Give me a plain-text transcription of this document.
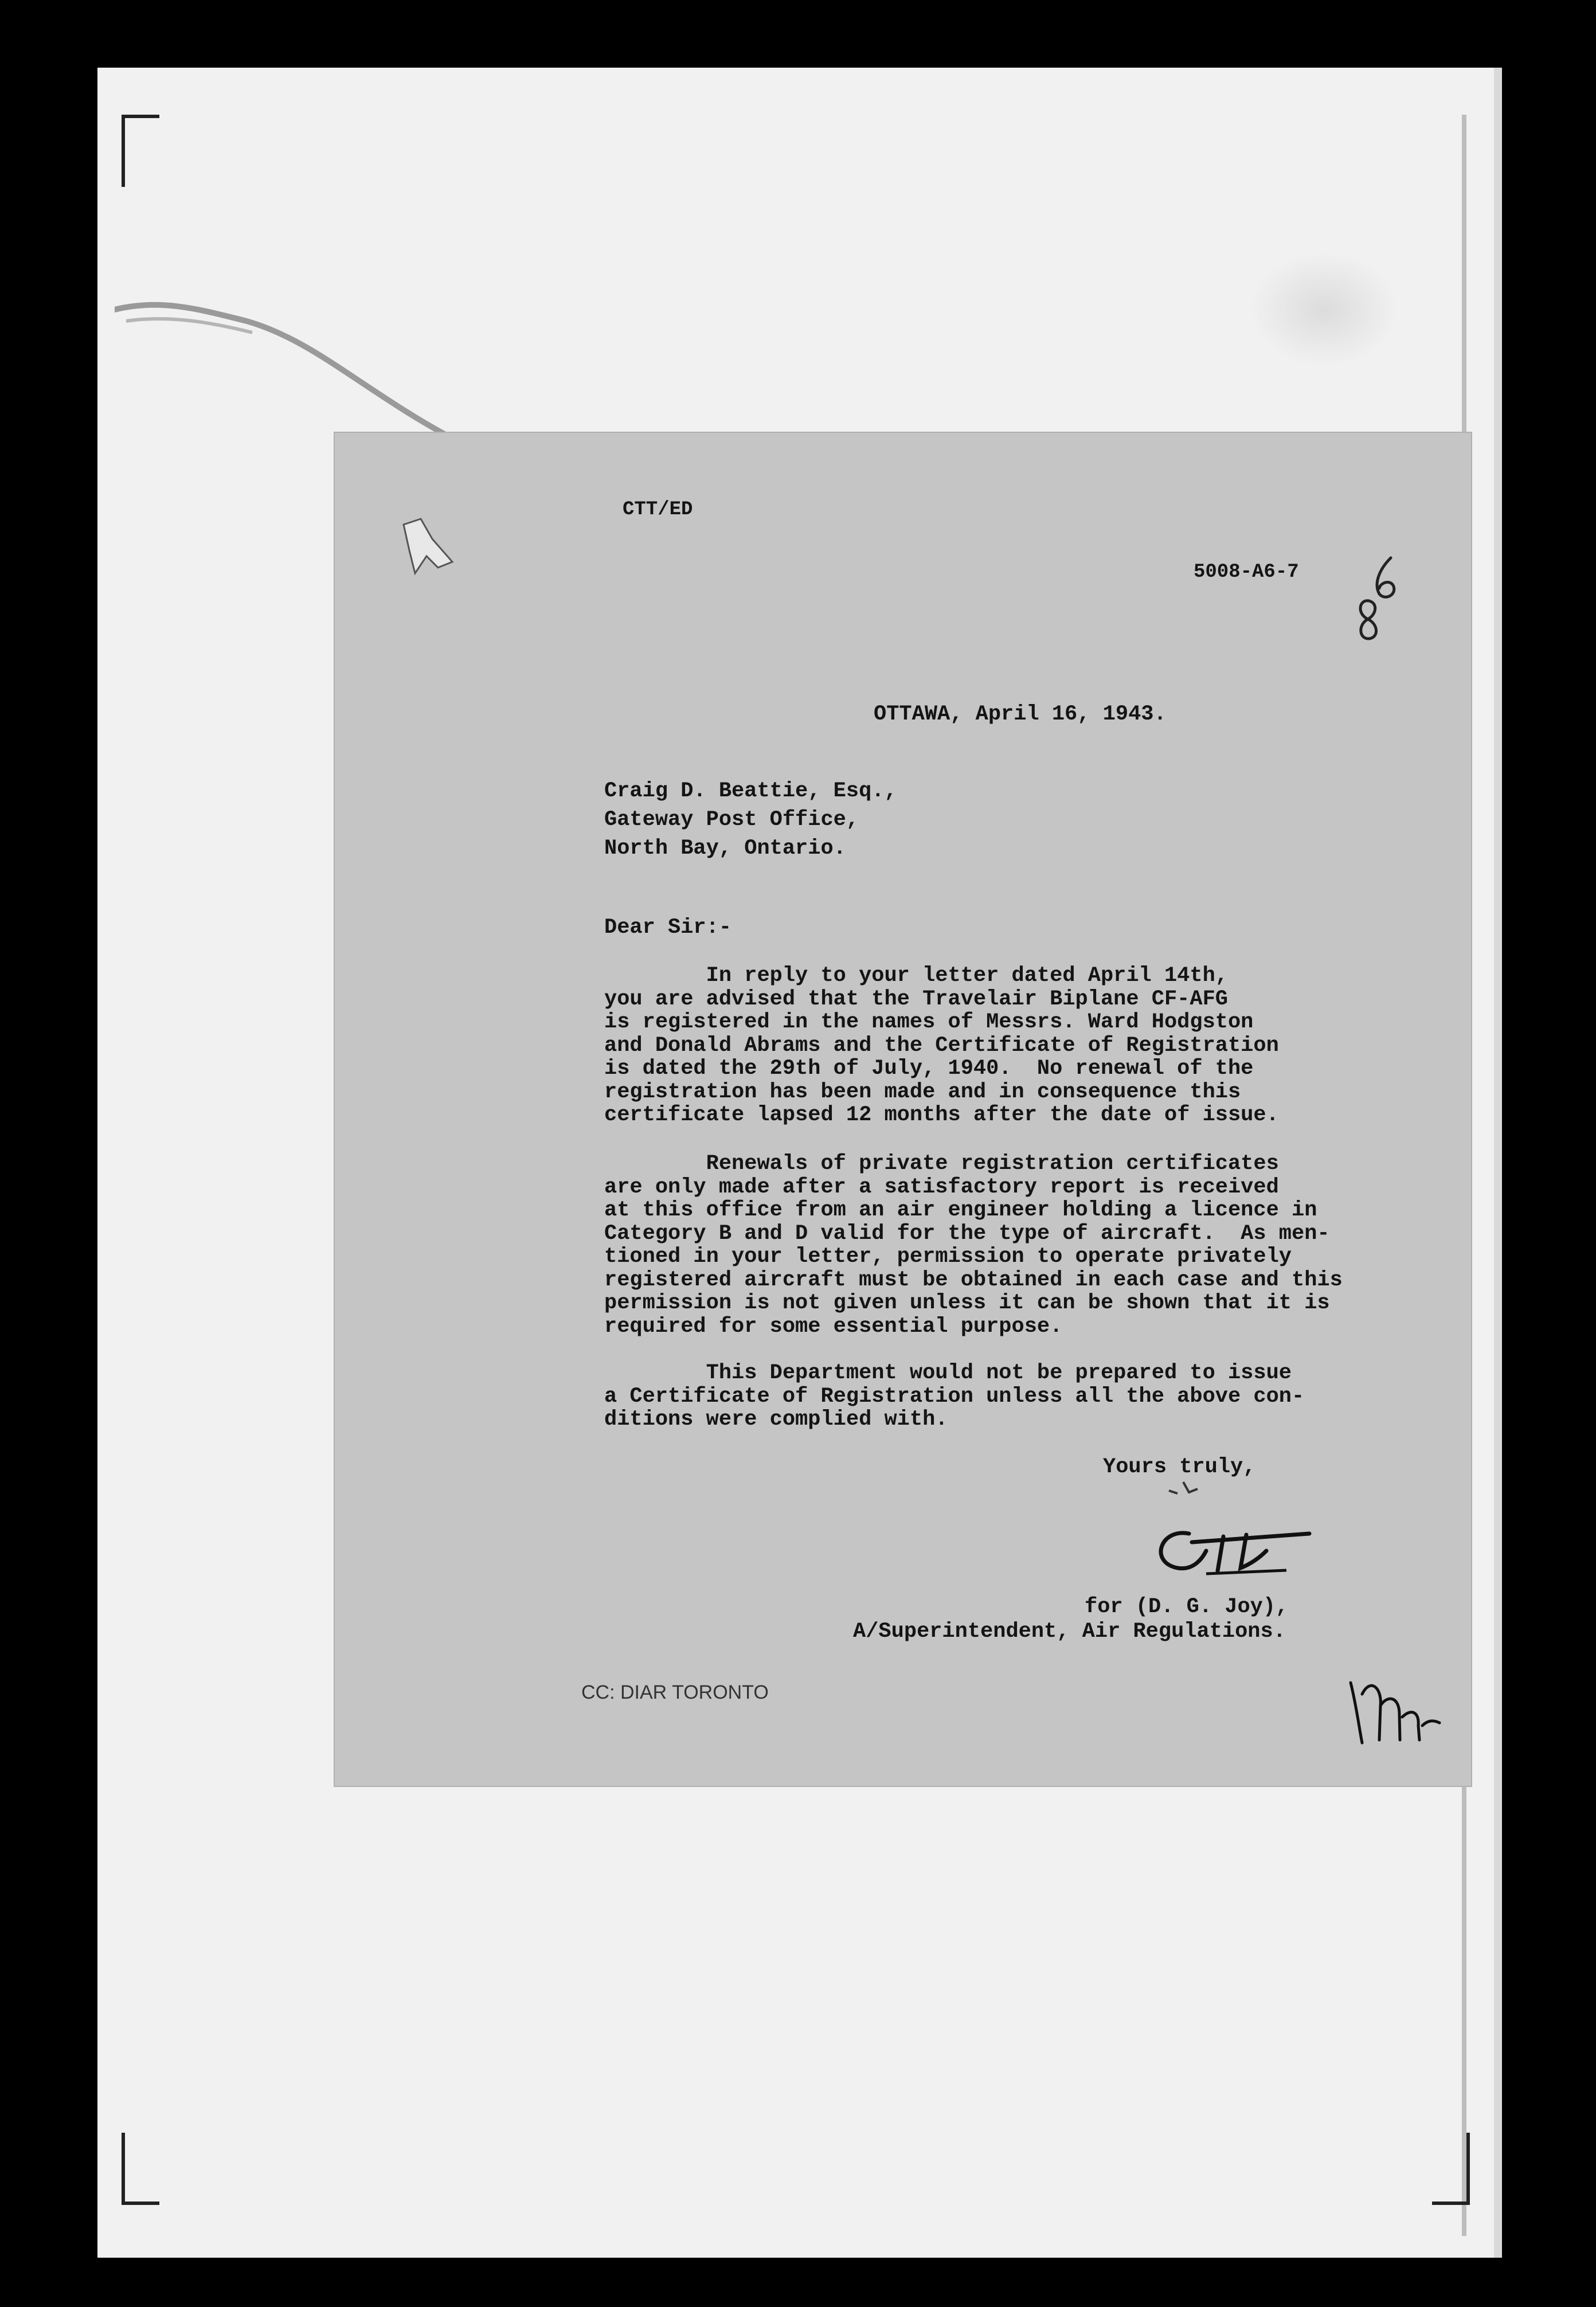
CTT/ED
5008-A6-7
OTTAWA, April 16, 1943.
Craig D. Beattie, Esq.,
Gateway Post Office,
North Bay, Ontario.
Dear Sir:-
In reply to your letter dated April 14th,
you are advised that the Travelair Biplane CF-AFG
is registered in the names of Messrs. Ward Hodgston
and Donald Abrams and the Certificate of Registration
is dated the 29th of July, 1940.  No renewal of the
registration has been made and in consequence this
certificate lapsed 12 months after the date of issue.
Renewals of private registration certificates
are only made after a satisfactory report is received
at this office from an air engineer holding a licence in
Category B and D valid for the type of aircraft.  As men-
tioned in your letter, permission to operate privately
registered aircraft must be obtained in each case and this
permission is not given unless it can be shown that it is
required for some essential purpose.
This Department would not be prepared to issue
a Certificate of Registration unless all the above con-
ditions were complied with.
Yours truly,
for (D. G. Joy),
A/Superintendent, Air Regulations.
CC: DIAR TORONTO
